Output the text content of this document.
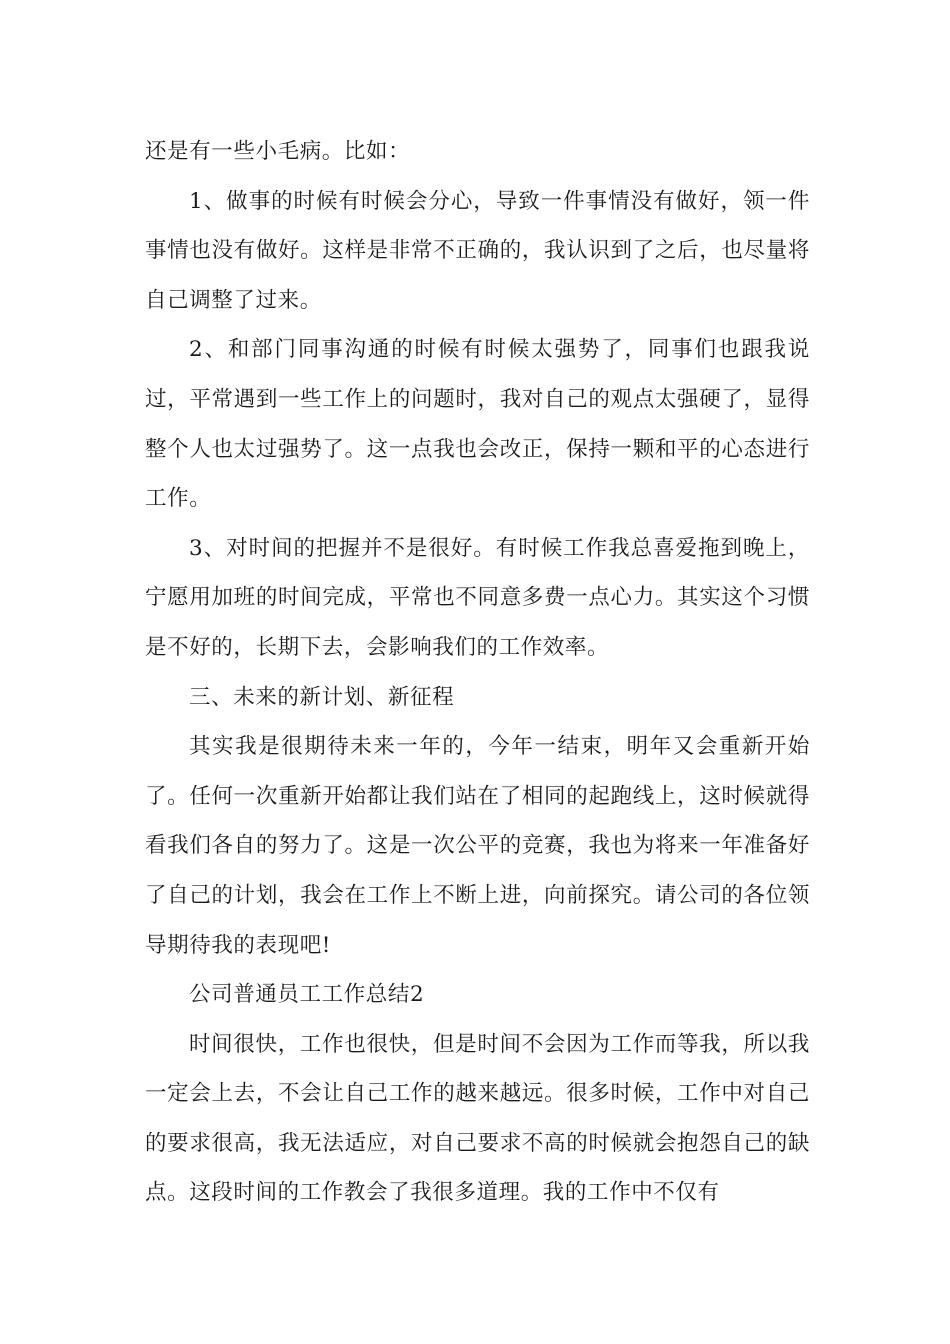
还是有一些小毛病。比如：

1、做事的时候有时候会分心，导致一件事情没有做好，领一件事情也没有做好。这样是非常不正确的，我认识到了之后，也尽量将自己调整了过来。

2、和部门同事沟通的时候有时候太强势了，同事们也跟我说过，平常遇到一些工作上的问题时，我对自己的观点太强硬了，显得整个人也太过强势了。这一点我也会改正，保持一颗和平的心态进行工作。

3、对时间的把握并不是很好。有时候工作我总喜爱拖到晚上，宁愿用加班的时间完成，平常也不同意多费一点心力。其实这个习惯是不好的，长期下去，会影响我们的工作效率。

三、未来的新计划、新征程

其实我是很期待未来一年的，今年一结束，明年又会重新开始了。任何一次重新开始都让我们站在了相同的起跑线上，这时候就得看我们各自的努力了。这是一次公平的竞赛，我也为将来一年准备好了自己的计划，我会在工作上不断上进，向前探究。请公司的各位领导期待我的表现吧!

公司普通员工工作总结2

时间很快，工作也很快，但是时间不会因为工作而等我，所以我一定会上去，不会让自己工作的越来越远。很多时候，工作中对自己的要求很高，我无法适应，对自己要求不高的时候就会抱怨自己的缺点。这段时间的工作教会了我很多道理。我的工作中不仅有
